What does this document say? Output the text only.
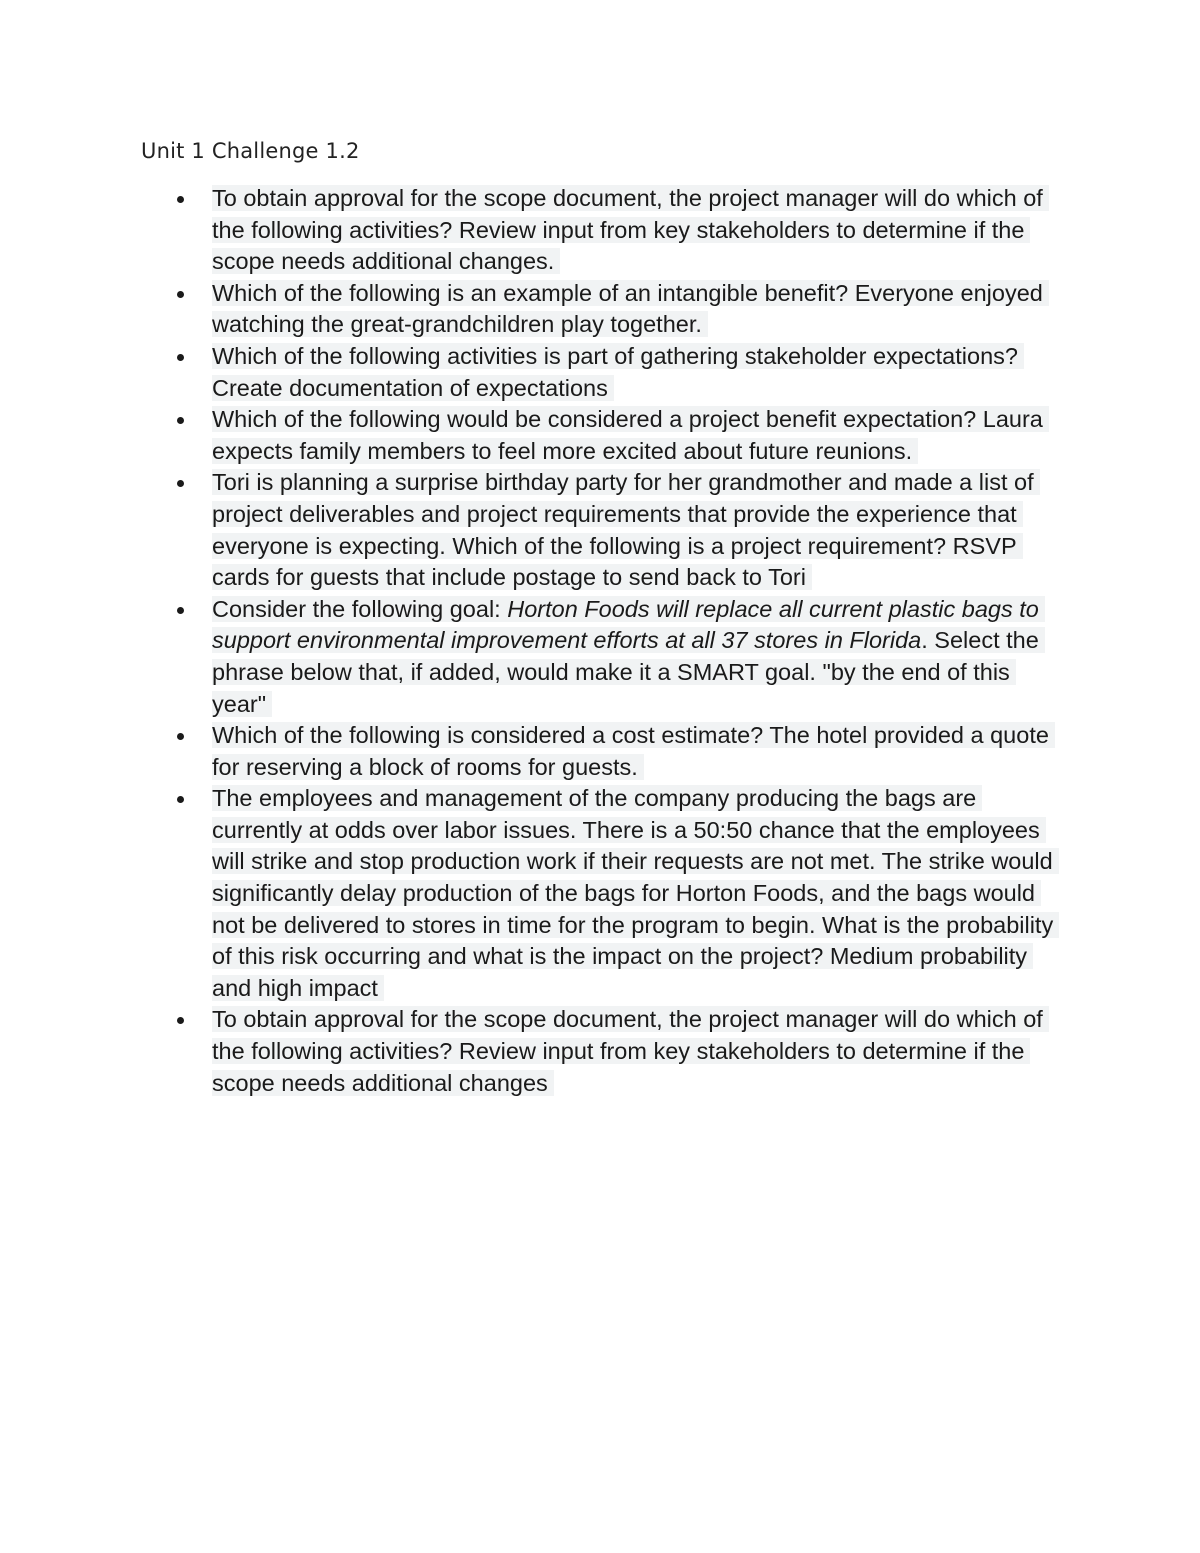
Unit 1 Challenge 1.2
To obtain approval for the scope document, the project manager will do which of the following activities? Review input from key stakeholders to determine if the scope needs additional changes.
Which of the following is an example of an intangible benefit? Everyone enjoyed watching the great-grandchildren play together.
Which of the following activities is part of gathering stakeholder expectations? Create documentation of expectations
Which of the following would be considered a project benefit expectation? Laura expects family members to feel more excited about future reunions.
Tori is planning a surprise birthday party for her grandmother and made a list of project deliverables and project requirements that provide the experience that everyone is expecting. Which of the following is a project requirement? RSVP cards for guests that include postage to send back to Tori
Consider the following goal: Horton Foods will replace all current plastic bags to support environmental improvement efforts at all 37 stores in Florida. Select the phrase below that, if added, would make it a SMART goal. "by the end of this year"
Which of the following is considered a cost estimate? The hotel provided a quote for reserving a block of rooms for guests.
The employees and management of the company producing the bags are currently at odds over labor issues. There is a 50:50 chance that the employees will strike and stop production work if their requests are not met. The strike would significantly delay production of the bags for Horton Foods, and the bags would not be delivered to stores in time for the program to begin. What is the probability of this risk occurring and what is the impact on the project? Medium probability and high impact
To obtain approval for the scope document, the project manager will do which of the following activities? Review input from key stakeholders to determine if the scope needs additional changes
